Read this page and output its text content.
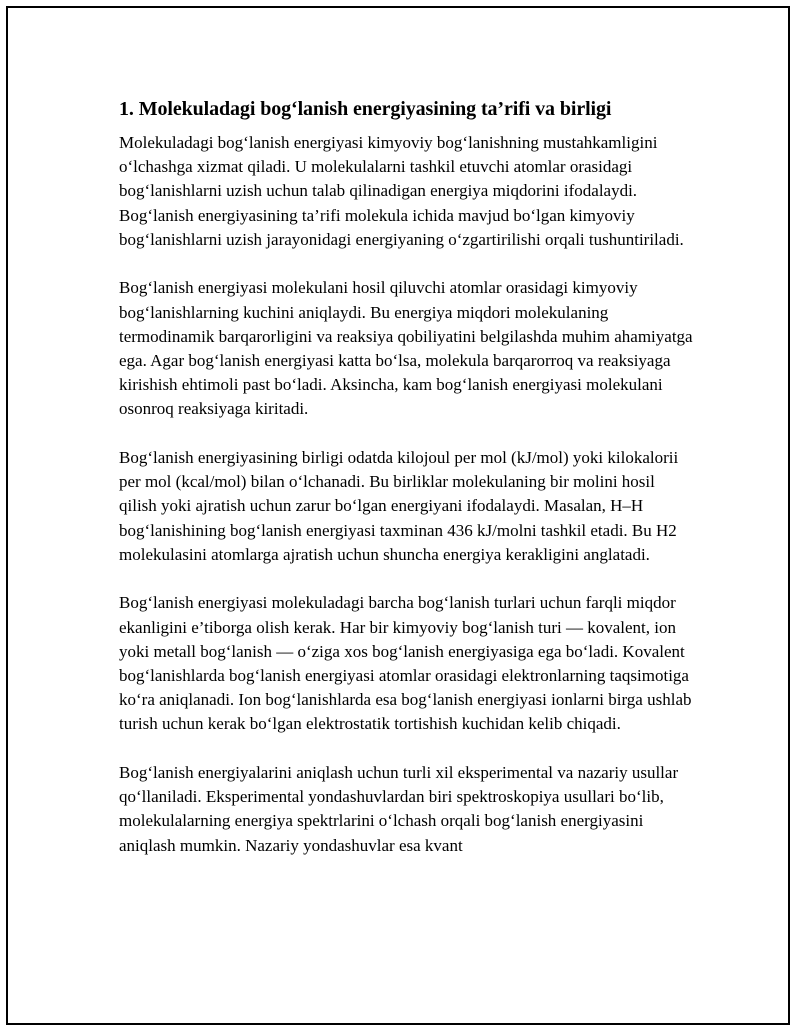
1. Molekuladagi bog‘lanish energiyasining ta’rifi va birligi

Molekuladagi bog‘lanish energiyasi kimyoviy bog‘lanishning mustahkamligini o‘lchashga xizmat qiladi. U molekulalarni tashkil etuvchi atomlar orasidagi bog‘lanishlarni uzish uchun talab qilinadigan energiya miqdorini ifodalaydi. Bog‘lanish energiyasining ta’rifi molekula ichida mavjud bo‘lgan kimyoviy bog‘lanishlarni uzish jarayonidagi energiyaning o‘zgartirilishi orqali tushuntiriladi.

Bog‘lanish energiyasi molekulani hosil qiluvchi atomlar orasidagi kimyoviy bog‘lanishlarning kuchini aniqlaydi. Bu energiya miqdori molekulaning termodinamik barqarorligini va reaksiya qobiliyatini belgilashda muhim ahamiyatga ega. Agar bog‘lanish energiyasi katta bo‘lsa, molekula barqarorroq va reaksiyaga kirishish ehtimoli past bo‘ladi. Aksincha, kam bog‘lanish energiyasi molekulani osonroq reaksiyaga kiritadi.

Bog‘lanish energiyasining birligi odatda kilojoul per mol (kJ/mol) yoki kilokalorii per mol (kcal/mol) bilan o‘lchanadi. Bu birliklar molekulaning bir molini hosil qilish yoki ajratish uchun zarur bo‘lgan energiyani ifodalaydi. Masalan, H–H bog‘lanishining bog‘lanish energiyasi taxminan 436 kJ/molni tashkil etadi. Bu H2 molekulasini atomlarga ajratish uchun shuncha energiya kerakligini anglatadi.

Bog‘lanish energiyasi molekuladagi barcha bog‘lanish turlari uchun farqli miqdor ekanligini e’tiborga olish kerak. Har bir kimyoviy bog‘lanish turi — kovalent, ion yoki metall bog‘lanish — o‘ziga xos bog‘lanish energiyasiga ega bo‘ladi. Kovalent bog‘lanishlarda bog‘lanish energiyasi atomlar orasidagi elektronlarning taqsimotiga ko‘ra aniqlanadi. Ion bog‘lanishlarda esa bog‘lanish energiyasi ionlarni birga ushlab turish uchun kerak bo‘lgan elektrostatik tortishish kuchidan kelib chiqadi.

Bog‘lanish energiyalarini aniqlash uchun turli xil eksperimental va nazariy usullar qo‘llaniladi. Eksperimental yondashuvlardan biri spektroskopiya usullari bo‘lib, molekulalarning energiya spektrlarini o‘lchash orqali bog‘lanish energiyasini aniqlash mumkin. Nazariy yondashuvlar esa kvant
